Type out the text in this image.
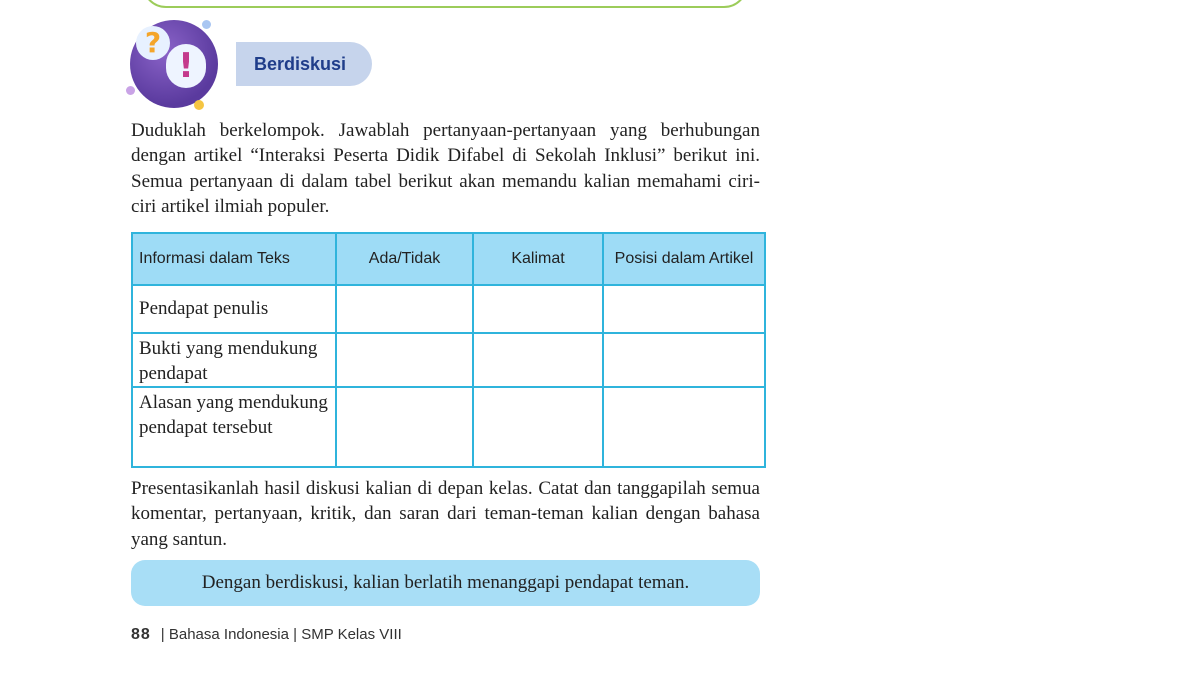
?
!	Berdiskusi

Duduklah berkelompok. Jawablah pertanyaan-pertanyaan yang berhubungan dengan artikel “Interaksi Peserta Didik Difabel di Sekolah Inklusi” berikut ini. Semua pertanyaan di dalam tabel berikut akan memandu kalian memahami ciri-ciri artikel ilmiah populer.

Informasi dalam Teks	Ada/Tidak	Kalimat	Posisi dalam Artikel
Pendapat penulis			
Bukti yang mendukung pendapat			
Alasan yang mendukung pendapat tersebut			

Presentasikanlah hasil diskusi kalian di depan kelas. Catat dan tanggapilah semua komentar, pertanyaan, kritik, dan saran dari teman-teman kalian dengan bahasa yang santun.

Dengan berdiskusi, kalian berlatih menanggapi pendapat teman.
88 | Bahasa Indonesia | SMP Kelas VIII
